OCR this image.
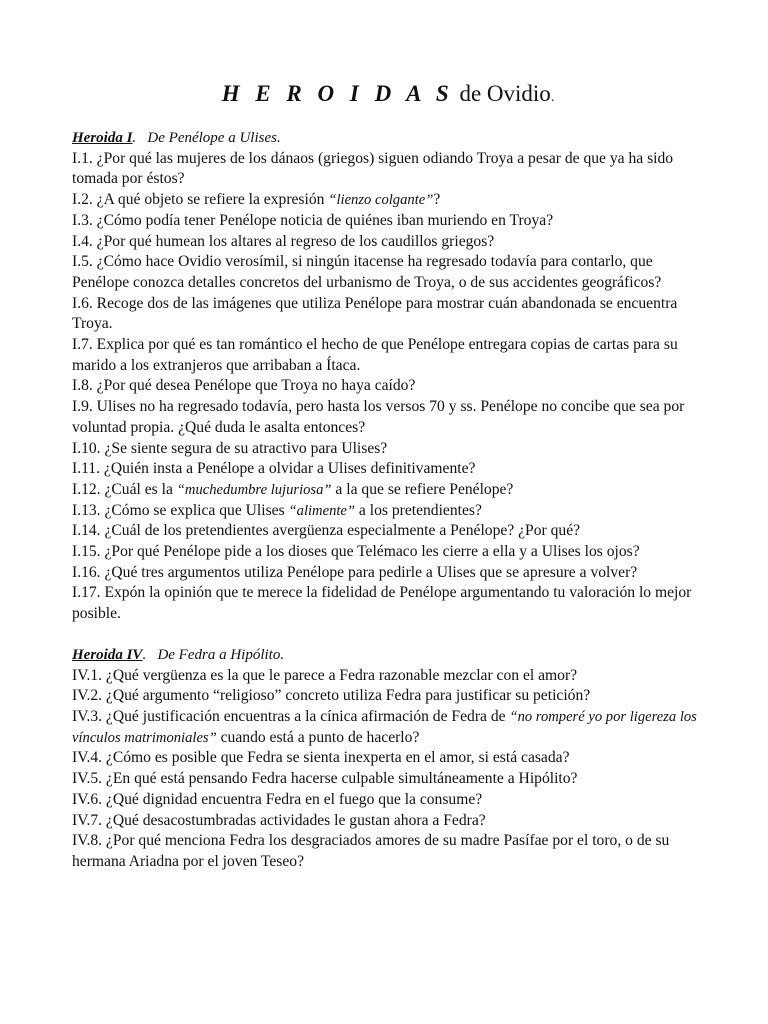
H E R O I D A S de Ovidio.
Heroida I.   De Penélope a Ulises.

I.1. ¿Por qué las mujeres de los dánaos (griegos) siguen odiando Troya a pesar de que ya ha sido tomada por éstos?

I.2. ¿A qué objeto se refiere la expresión “lienzo colgante”?

I.3. ¿Cómo podía tener Penélope noticia de quiénes iban muriendo en Troya?

I.4. ¿Por qué humean los altares al regreso de los caudillos griegos?

I.5. ¿Cómo hace Ovidio verosímil, si ningún itacense ha regresado todavía para contarlo, que Penélope conozca detalles concretos del urbanismo de Troya, o de sus accidentes geográficos?

I.6. Recoge dos de las imágenes que utiliza Penélope para mostrar cuán abandonada se encuentra Troya.

I.7. Explica por qué es tan romántico el hecho de que Penélope entregara copias de cartas para su marido a los extranjeros que arribaban a Ítaca.

I.8. ¿Por qué desea Penélope que Troya no haya caído?

I.9. Ulises no ha regresado todavía, pero hasta los versos 70 y ss. Penélope no concibe que sea por voluntad propia. ¿Qué duda le asalta entonces?

I.10. ¿Se siente segura de su atractivo para Ulises?

I.11. ¿Quién insta a Penélope a olvidar a Ulises definitivamente?

I.12. ¿Cuál es la “muchedumbre lujuriosa” a la que se refiere Penélope?

I.13. ¿Cómo se explica que Ulises “alimente” a los pretendientes?

I.14. ¿Cuál de los pretendientes avergüenza especialmente a Penélope? ¿Por qué?

I.15. ¿Por qué Penélope pide a los dioses que Telémaco les cierre a ella y a Ulises los ojos?

I.16. ¿Qué tres argumentos utiliza Penélope para pedirle a Ulises que se apresure a volver?

I.17. Expón la opinión que te merece la fidelidad de Penélope argumentando tu valoración lo mejor posible.

Heroida IV.   De Fedra a Hipólito.

IV.1. ¿Qué vergüenza es la que le parece a Fedra razonable mezclar con el amor?

IV.2. ¿Qué argumento “religioso” concreto utiliza Fedra para justificar su petición?

IV.3. ¿Qué justificación encuentras a la cínica afirmación de Fedra de “no romperé yo por ligereza los vínculos matrimoniales” cuando está a punto de hacerlo?

IV.4. ¿Cómo es posible que Fedra se sienta inexperta en el amor, si está casada?

IV.5. ¿En qué está pensando Fedra hacerse culpable simultáneamente a Hipólito?

IV.6. ¿Qué dignidad encuentra Fedra en el fuego que la consume?

IV.7. ¿Qué desacostumbradas actividades le gustan ahora a Fedra?

IV.8. ¿Por qué menciona Fedra los desgraciados amores de su madre Pasífae por el toro, o de su hermana Ariadna por el joven Teseo?
